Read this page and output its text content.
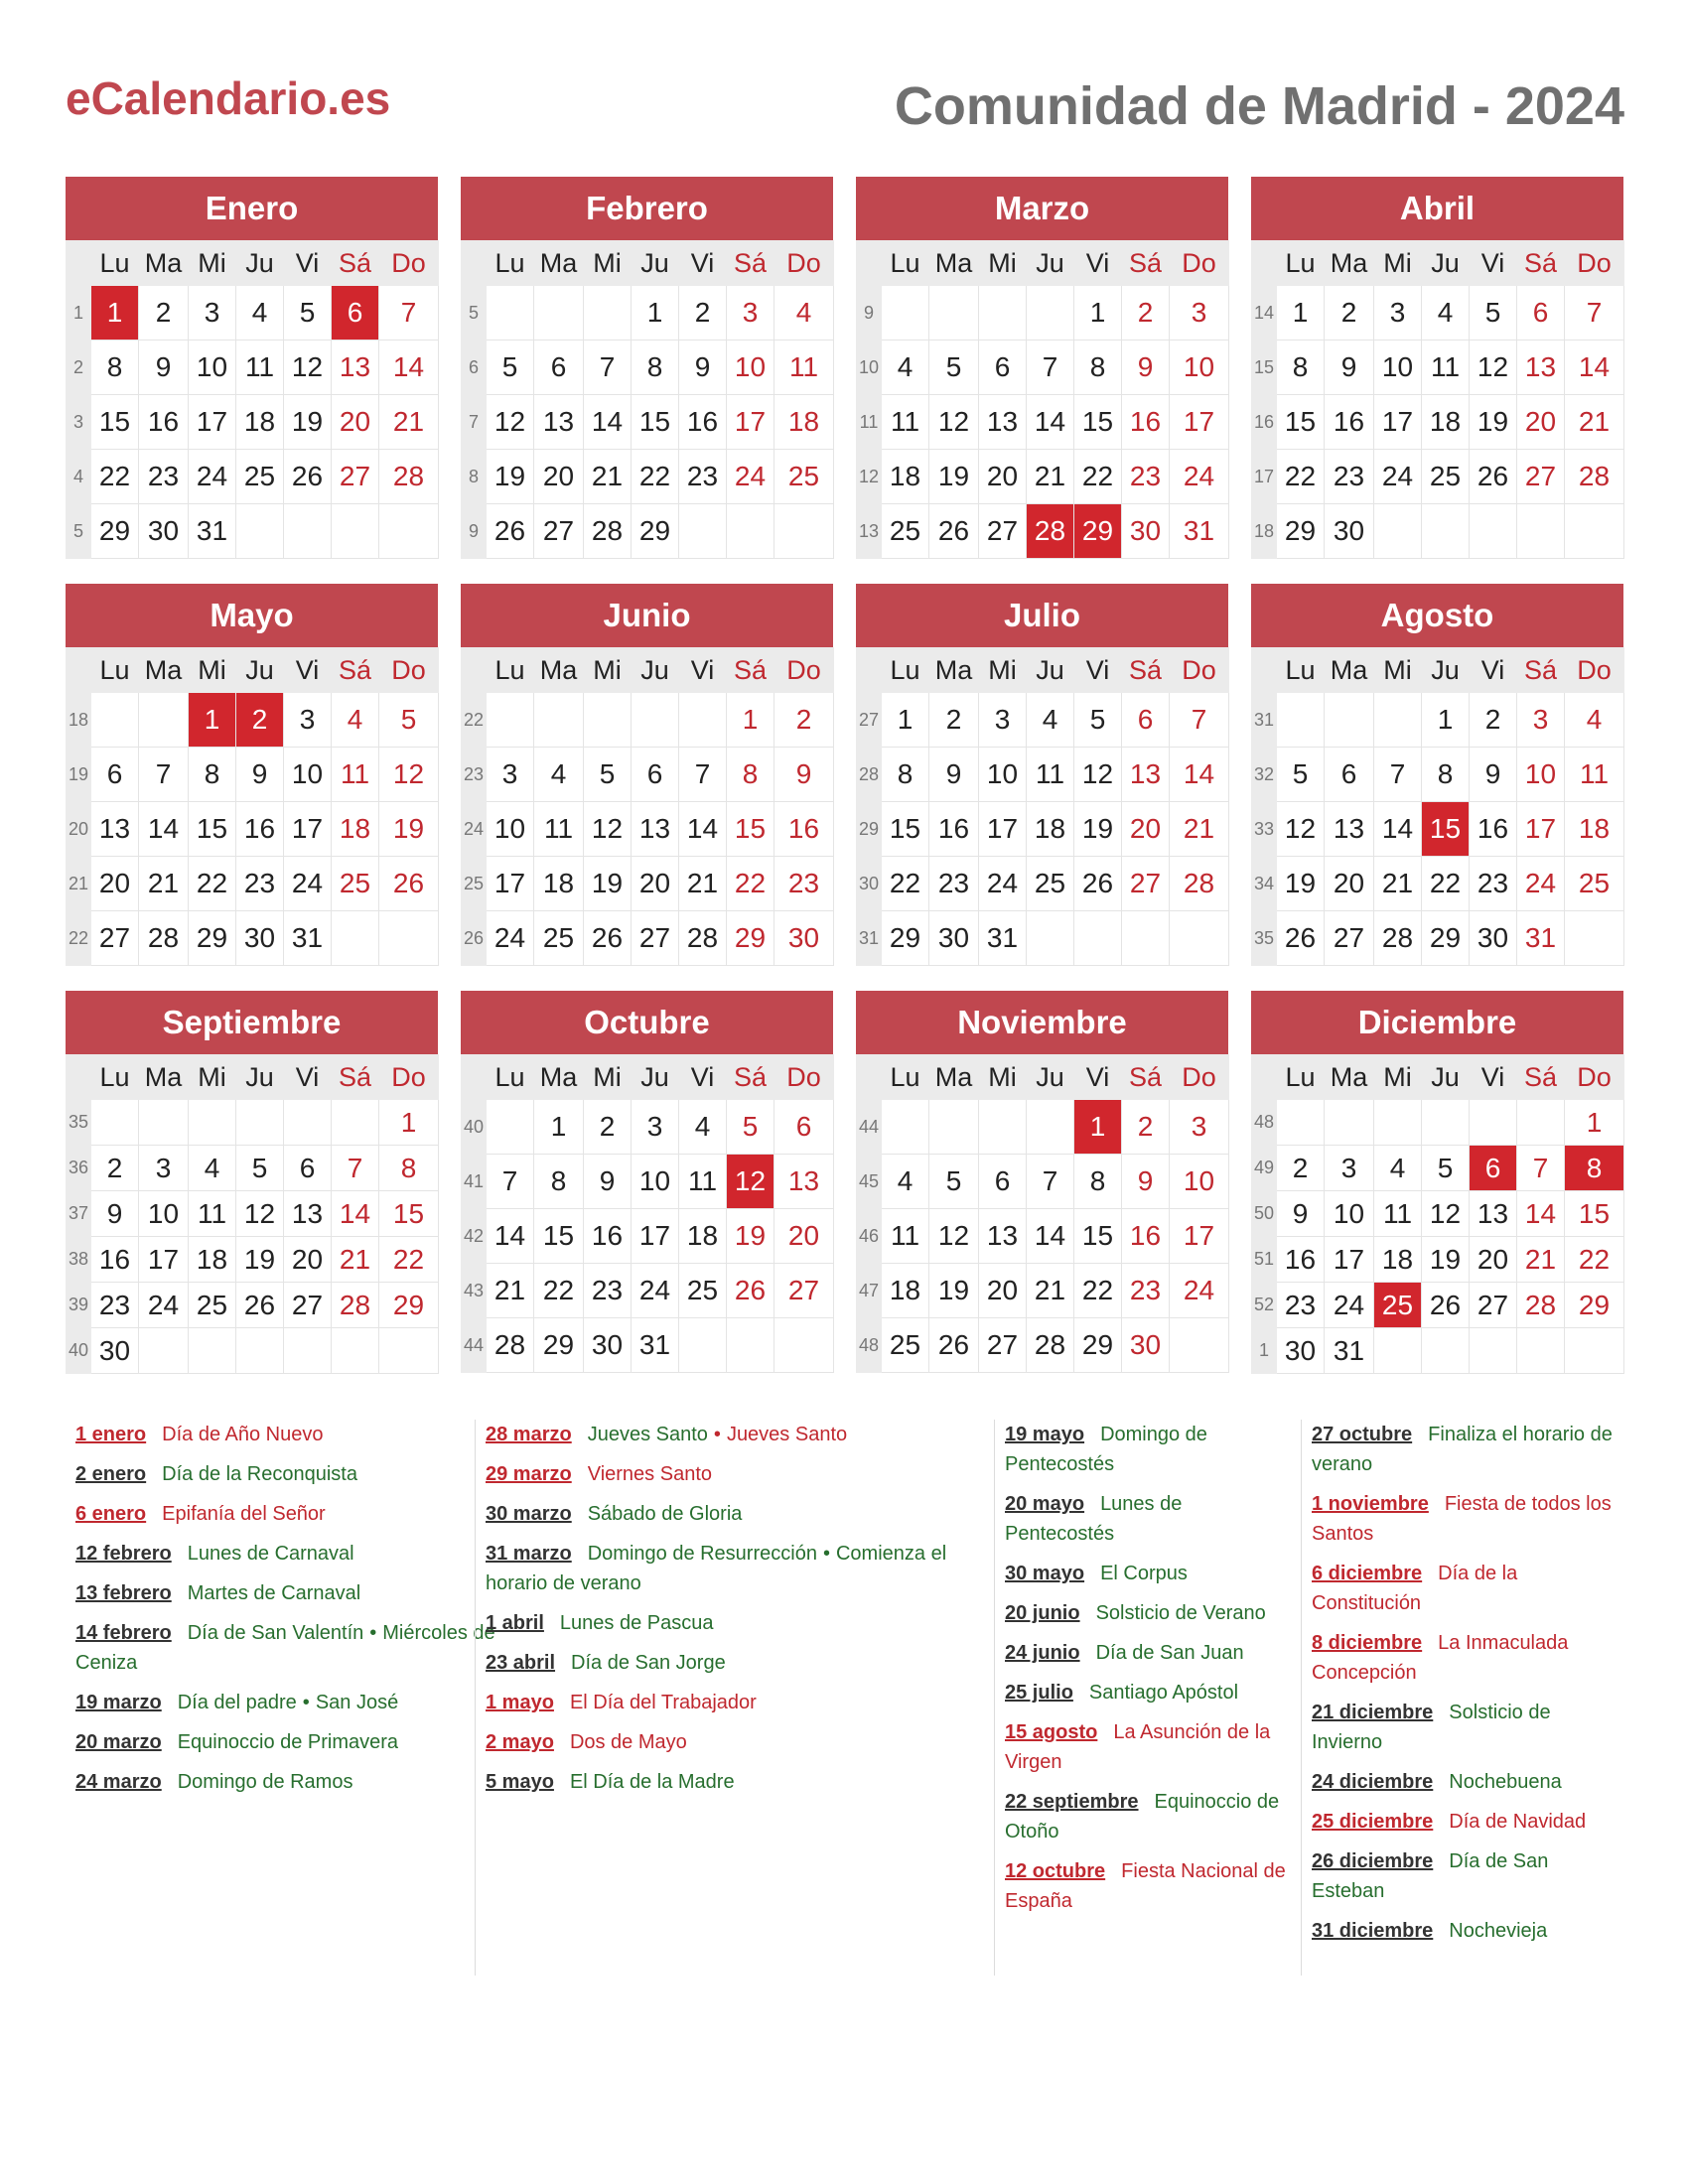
eCalendario.es	Comunidad de Madrid - 2024
Enero
	Lu	Ma	Mi	Ju	Vi	Sá	Do
1	1	2	3	4	5	6	7
2	8	9	10	11	12	13	14
3	15	16	17	18	19	20	21
4	22	23	24	25	26	27	28
5	29	30	31				
Febrero
	Lu	Ma	Mi	Ju	Vi	Sá	Do
5				1	2	3	4
6	5	6	7	8	9	10	11
7	12	13	14	15	16	17	18
8	19	20	21	22	23	24	25
9	26	27	28	29			
Marzo
	Lu	Ma	Mi	Ju	Vi	Sá	Do
9					1	2	3
10	4	5	6	7	8	9	10
11	11	12	13	14	15	16	17
12	18	19	20	21	22	23	24
13	25	26	27	28	29	30	31
Abril
	Lu	Ma	Mi	Ju	Vi	Sá	Do
14	1	2	3	4	5	6	7
15	8	9	10	11	12	13	14
16	15	16	17	18	19	20	21
17	22	23	24	25	26	27	28
18	29	30					
Mayo
	Lu	Ma	Mi	Ju	Vi	Sá	Do
18			1	2	3	4	5
19	6	7	8	9	10	11	12
20	13	14	15	16	17	18	19
21	20	21	22	23	24	25	26
22	27	28	29	30	31		
Junio
	Lu	Ma	Mi	Ju	Vi	Sá	Do
22						1	2
23	3	4	5	6	7	8	9
24	10	11	12	13	14	15	16
25	17	18	19	20	21	22	23
26	24	25	26	27	28	29	30
Julio
	Lu	Ma	Mi	Ju	Vi	Sá	Do
27	1	2	3	4	5	6	7
28	8	9	10	11	12	13	14
29	15	16	17	18	19	20	21
30	22	23	24	25	26	27	28
31	29	30	31				
Agosto
	Lu	Ma	Mi	Ju	Vi	Sá	Do
31				1	2	3	4
32	5	6	7	8	9	10	11
33	12	13	14	15	16	17	18
34	19	20	21	22	23	24	25
35	26	27	28	29	30	31	
Septiembre
	Lu	Ma	Mi	Ju	Vi	Sá	Do
35							1
36	2	3	4	5	6	7	8
37	9	10	11	12	13	14	15
38	16	17	18	19	20	21	22
39	23	24	25	26	27	28	29
40	30						
Octubre
	Lu	Ma	Mi	Ju	Vi	Sá	Do
40		1	2	3	4	5	6
41	7	8	9	10	11	12	13
42	14	15	16	17	18	19	20
43	21	22	23	24	25	26	27
44	28	29	30	31			
Noviembre
	Lu	Ma	Mi	Ju	Vi	Sá	Do
44					1	2	3
45	4	5	6	7	8	9	10
46	11	12	13	14	15	16	17
47	18	19	20	21	22	23	24
48	25	26	27	28	29	30	
Diciembre
	Lu	Ma	Mi	Ju	Vi	Sá	Do
48							1
49	2	3	4	5	6	7	8
50	9	10	11	12	13	14	15
51	16	17	18	19	20	21	22
52	23	24	25	26	27	28	29
1	30	31					
1 enero Día de Año Nuevo
2 enero Día de la Reconquista
6 enero Epifanía del Señor
12 febrero Lunes de Carnaval
13 febrero Martes de Carnaval
14 febrero Día de San Valentín • Miércoles de Ceniza
19 marzo Día del padre • San José
20 marzo Equinoccio de Primavera
24 marzo Domingo de Ramos
28 marzo Jueves Santo • Jueves Santo
29 marzo Viernes Santo
30 marzo Sábado de Gloria
31 marzo Domingo de Resurrección • Comienza el horario de verano
1 abril Lunes de Pascua
23 abril Día de San Jorge
1 mayo El Día del Trabajador
2 mayo Dos de Mayo
5 mayo El Día de la Madre
19 mayo Domingo de Pentecostés
20 mayo Lunes de Pentecostés
30 mayo El Corpus
20 junio Solsticio de Verano
24 junio Día de San Juan
25 julio Santiago Apóstol
15 agosto La Asunción de la Virgen
22 septiembre Equinoccio de Otoño
12 octubre Fiesta Nacional de España
27 octubre Finaliza el horario de verano
1 noviembre Fiesta de todos los Santos
6 diciembre Día de la Constitución
8 diciembre La Inmaculada Concepción
21 diciembre Solsticio de Invierno
24 diciembre Nochebuena
25 diciembre Día de Navidad
26 diciembre Día de San Esteban
31 diciembre Nochevieja
